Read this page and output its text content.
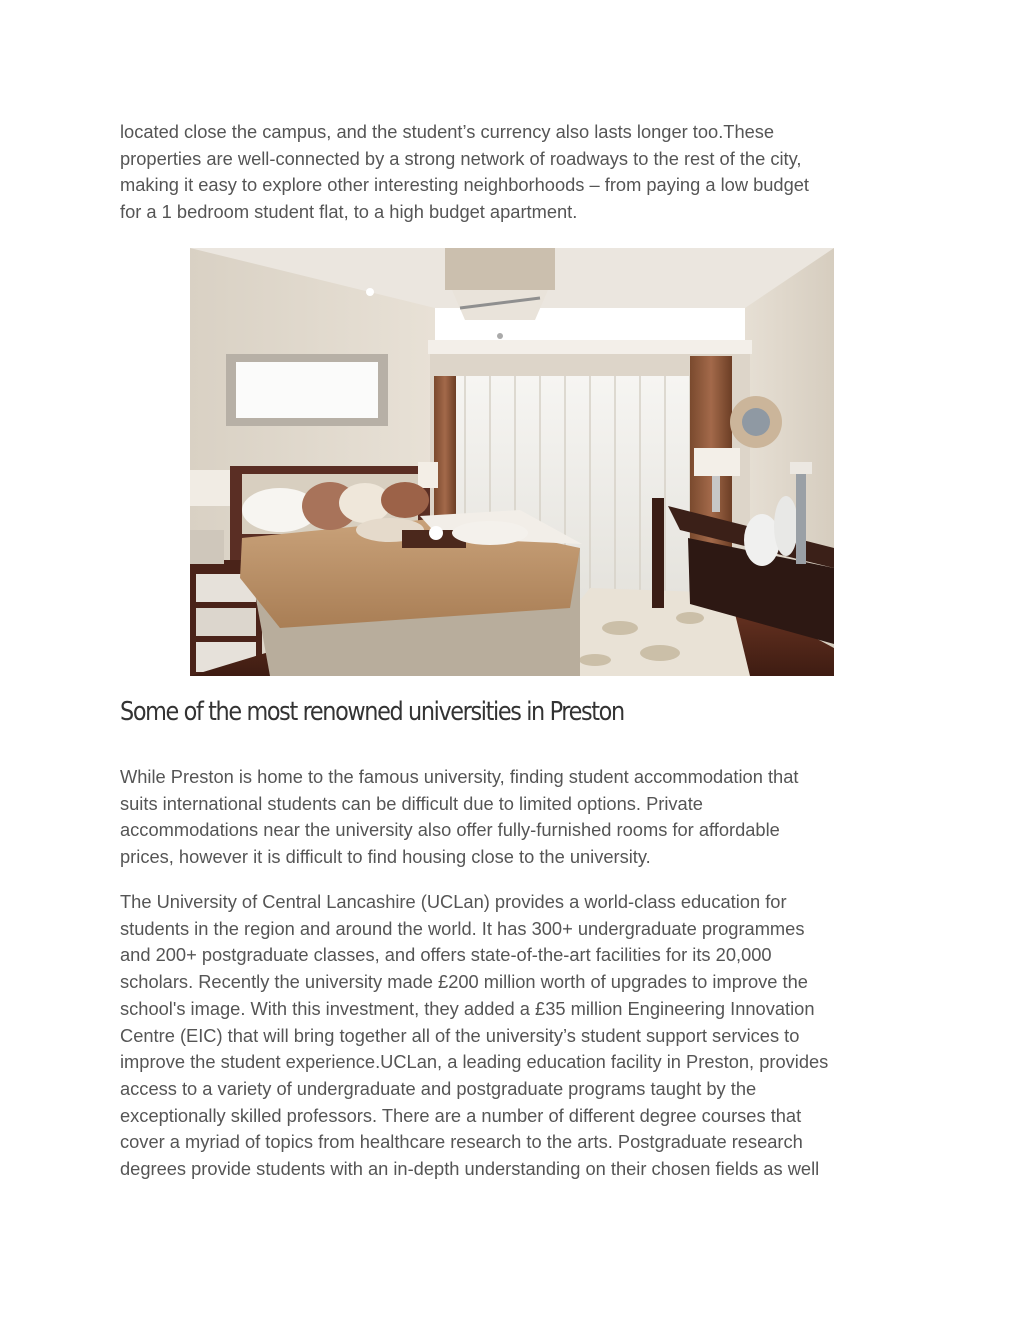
located close the campus, and the student’s currency also lasts longer too.These
properties are well-connected by a strong network of roadways to the rest of the city,
making it easy to explore other interesting neighborhoods – from paying a low budget
for a 1 bedroom student flat, to a high budget apartment.

Some of the most renowned universities in Preston

While Preston is home to the famous university, finding student accommodation that
suits international students can be difficult due to limited options. Private
accommodations near the university also offer fully-furnished rooms for affordable
prices, however it is difficult to find housing close to the university.

The University of Central Lancashire (UCLan) provides a world-class education for
students in the region and around the world. It has 300+ undergraduate programmes
and 200+ postgraduate classes, and offers state-of-the-art facilities for its 20,000
scholars. Recently the university made £200 million worth of upgrades to improve the
school's image. With this investment, they added a £35 million Engineering Innovation
Centre (EIC) that will bring together all of the university’s student support services to
improve the student experience.UCLan, a leading education facility in Preston, provides
access to a variety of undergraduate and postgraduate programs taught by the
exceptionally skilled professors. There are a number of different degree courses that
cover a myriad of topics from healthcare research to the arts. Postgraduate research
degrees provide students with an in-depth understanding on their chosen fields as well
